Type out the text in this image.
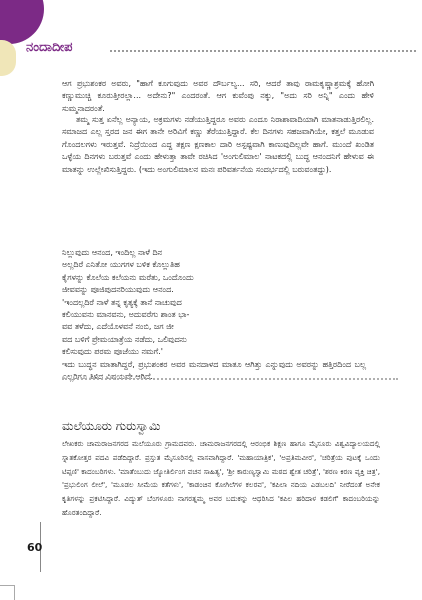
ನಂದಾದೀಪ
ಆಗ ಪ್ರಭುಶಂಕರ ಅವರು, "ಹಾಗೆ ಕೂಗುವುದು ಅವರ ದೌರ್ಬಲ್ಯ... ಸರಿ, ಆದರೆ ತಾವು ರಾಮಕೃಷ್ಣಾಶ್ರಮಕ್ಕೆ ಹೋಗಿ ಕಣ್ಣುಮುಚ್ಚಿ ಕೂರುತ್ತೀರಲ್ಲಾ... ಅದೇನು?" ಎಂದರಂತೆ. ಆಗ ಕುವೆಂಪು ನಕ್ಕು, "ಅದು ಸರಿ ಅನ್ನಿ" ಎಂದು ಹೇಳಿ ಸುಮ್ಮನಾದರಂತೆ.
ತಮ್ಮ ಸುತ್ತ ಏನೆಲ್ಲ ಅನ್ಯಾಯ, ಅಕ್ರಮಗಳು ನಡೆಯುತ್ತಿದ್ದರೂ ಅವರು ಎಂದೂ ನಿರಾಶಾವಾದಿಯಾಗಿ ಮಾತನಾಡುತ್ತಿರಲಿಲ್ಲ. ಸಮಾಜದ ಎಲ್ಲ ಸ್ತರದ ಜನ ಈಗ ತಾನೇ ಅರಿವಿಗೆ ಕಣ್ಣು ತೆರೆಯುತ್ತಿದ್ದಾರೆ. ಕೆಲ ದಿನಗಳು ಸಹಜವಾಗಿಯೇ, ಕತ್ತಲೆ ಮೂಡುವ ಗೊಂದಲಗಳು ಇರುತ್ತವೆ. ನಿದ್ರೆಯಿಂದ ಎದ್ದ ತಕ್ಷಣ ಕ್ಷಣಕಾಲ ದಾರಿ ಅಸ್ಪಷ್ಟವಾಗಿ ಕಾಣುವುದಿಲ್ಲವೇ ಹಾಗೆ. ಮುಂದೆ ಖಂಡಿತ ಒಳ್ಳೆಯ ದಿನಗಳು ಬರುತ್ತವೆ ಎಂದು ಹೇಳುತ್ತಾ ತಾವೇ ರಚಿಸಿದ 'ಅಂಗುಲಿಮಾಲ' ನಾಟಕದಲ್ಲಿ ಬುದ್ಧ ಆನಂದನಿಗೆ ಹೇಳುವ ಈ ಮಾತನ್ನು ಉಲ್ಲೇಖಿಸುತ್ತಿದ್ದರು. (ಇದು ಅಂಗುಲಿಮಾಲನ ಮನಃ ಪರಿವರ್ತನೆಯ ಸಂದರ್ಭದಲ್ಲಿ ಬರುವಂತದ್ದು).
ನಿಲ್ಲುವುದು ಆನಂದ, ಇಂದಿಲ್ಲ ನಾಳೆ ದಿನ
ಅಲ್ಲದಿರೆ ಎನಿತೋ ಯುಗಗಳ ಬಳಿಕ ಕೊಲ್ಲುತಿಹ
ಕೈಗಳನ್ನು ಕೊಲೆಯ ಕಲೆಯನು ಮರೆತು, ಒಂದೊಂದು
ಜೀವವನ್ನು ಪೂಜಿಪುದನರಿಯುವುದು ಆನಂದ.
'ಇಂದಲ್ಲದಿರೆ ನಾಳೆ ತನ್ನ ಕೃತ್ಯಕ್ಕೆ ತಾನೆ ನಾಚುವುದ
ಕಲಿಯುವನು ಮಾನವನು, ಅದುವರೆಗು ಶಾಂತ ಭಾ-
ವವ ತಳೆದು, ಎದೆಯೊಳವನೆ ನಂಬಿ, ಜಗ ಜೀ
ವದ ಬಳಿಗೆ ಪ್ರೇಮಯಾತ್ರೆಯ ನಡೆದು, ಒಲಿವುದನು
ಕಲಿಸುವುದು ಪರಮ ಪೂಜೆಯು ನಮಗೆ.'
ಇದು ಬುದ್ಧನ ಮಾತಾಗಿದ್ದರೆ, ಪ್ರಭುಶಂಕರ ಅವರ ಮನದಾಳದ ಮಾತೂ ಆಗಿತ್ತು ಎನ್ನುವುದು ಅವರನ್ನು ಹತ್ತಿರದಿಂದ ಬಲ್ಲ ಎಲ್ಲರಿಗೂ ತಿಳಿದ ವಿಷಯವೇ ಆಗಿದೆ.
ಮಲೆಯೂರು ಗುರುಸ್ವಾಮಿ
ಲೇಖಕರು ಚಾಮರಾಜನಗರದ ಮಲೆಯೂರು ಗ್ರಾಮದವರು. ಚಾಮರಾಜನಗರದಲ್ಲಿ ಆರಂಭಿಕ ಶಿಕ್ಷಣ ಹಾಗೂ ಮೈಸೂರು ವಿಶ್ವವಿದ್ಯಾಲಯದಲ್ಲಿ ಸ್ನಾತಕೋತ್ತರ ಪದವಿ ಪಡೆದಿದ್ದಾರೆ. ಪ್ರಸ್ತುತ ಮೈಸೂರಿನಲ್ಲಿ ವಾಸವಾಗಿದ್ದಾರೆ. 'ಮಹಾಯಾತ್ರಿಕ', 'ಅಪ್ರತಿಮವೀರ', 'ಚರಿತ್ರೆಯ ಪುಟಕ್ಕೆ ಒಂದು ಟಿಪ್ಪಣಿ' ಕಾದಂಬರಿಗಳು. 'ಮಾತೆಂಬುದು ಜ್ಯೋತಿರ್ಲಿಂಗ ವಚನ ಸಾಹಿತ್ಯ', 'ಶ್ರೀ ಕಾರುಣ್ಯಸ್ವಾಮಿ ಮಠದ ಶ್ವೇತ ಚರಿತ್ರೆ', 'ಶರಣ ಕಿರಣ ವ್ಯಕ್ತಿ ಚಿತ್ರ', 'ಪ್ರಭುಲಿಂಗ ಲೀಲೆ', 'ಮೂಡಲ ಸೀಮೆಯ ಕತೆಗಳು', 'ಕಾಡಂಚಿನ ಕೋಗಿಲೆಗಳ ಕಲರವ', 'ಕಪಿಲಾ ನದಿಯ ಎಡಬಲದಿ' ನೀರೆದಂತೆ ಅನೇಕ ಕೃತಿಗಳನ್ನು ಪ್ರಕಟಿಸಿದ್ದಾರೆ. ವಿದ್ಯುತ್ ಬೆಂಗಳೂರು ನಾಗರತ್ನಮ್ಮ ಅವರ ಬದುಕನ್ನು ಆಧರಿಸಿದ 'ಕಪಿಲ ಹರಿದಾಳ ಕಡಲಿಗೆ' ಕಾದಂಬರಿಯನ್ನು ಹೊರತಂದಿದ್ದಾರೆ.
60
